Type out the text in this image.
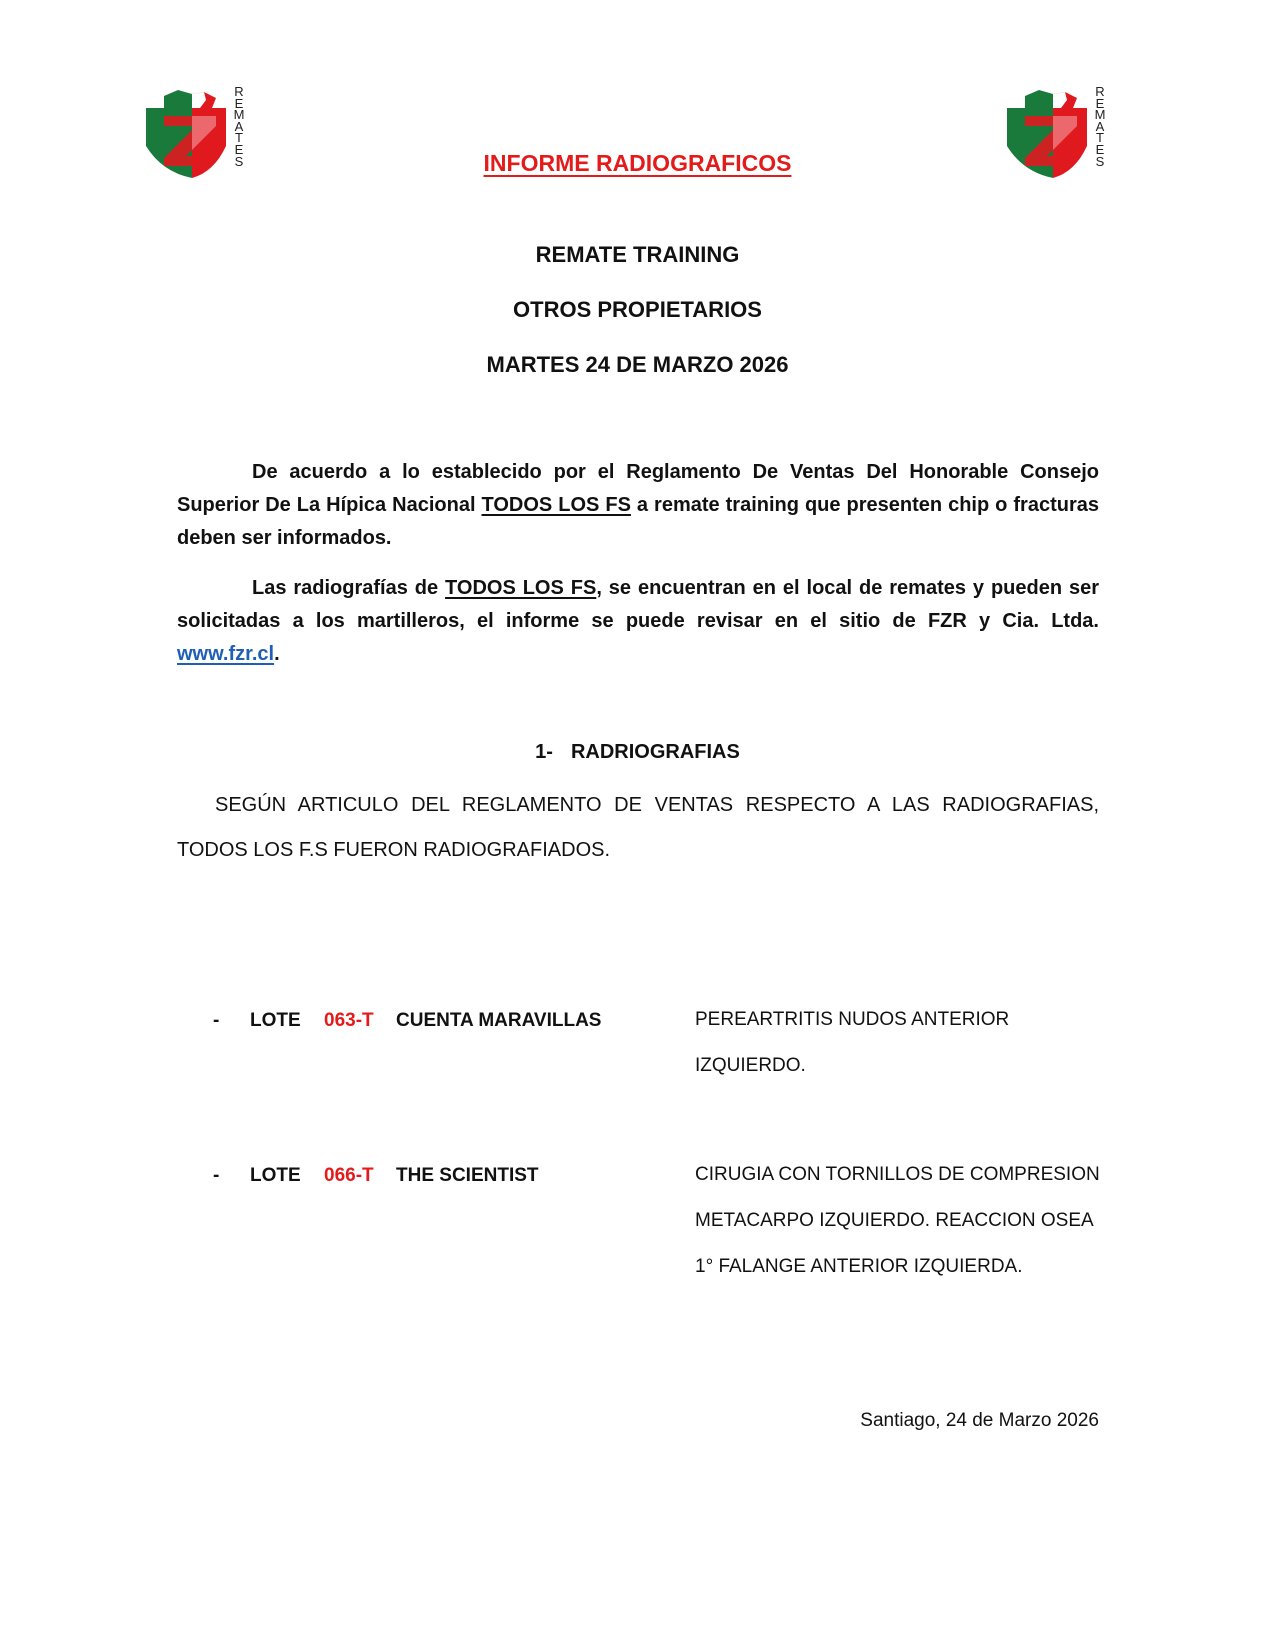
R
E
M
A
T
E
S
R
E
M
A
T
E
S
INFORME RADIOGRAFICOS
REMATE TRAINING
OTROS PROPIETARIOS
MARTES 24 DE MARZO 2026
De acuerdo a lo establecido por el Reglamento De Ventas Del Honorable Consejo Superior De La Hípica Nacional TODOS LOS FS a remate training que presenten chip o fracturas deben ser informados.
Las radiografías de TODOS LOS FS, se encuentran en el local de remates y pueden ser solicitadas a los martilleros, el informe se puede revisar en el sitio de FZR y Cia. Ltda. www.fzr.cl.
1- RADRIOGRAFIAS
SEGÚN ARTICULO DEL REGLAMENTO DE VENTAS RESPECTO A LAS RADIOGRAFIAS, TODOS LOS F.S FUERON RADIOGRAFIADOS.
- LOTE 063-T CUENTA MARAVILLAS	PEREARTRITIS NUDOS ANTERIOR
IZQUIERDO.
- LOTE 066-T THE SCIENTIST	CIRUGIA CON TORNILLOS DE COMPRESION
METACARPO IZQUIERDO. REACCION OSEA
1° FALANGE ANTERIOR IZQUIERDA.
Santiago, 24 de Marzo 2026
